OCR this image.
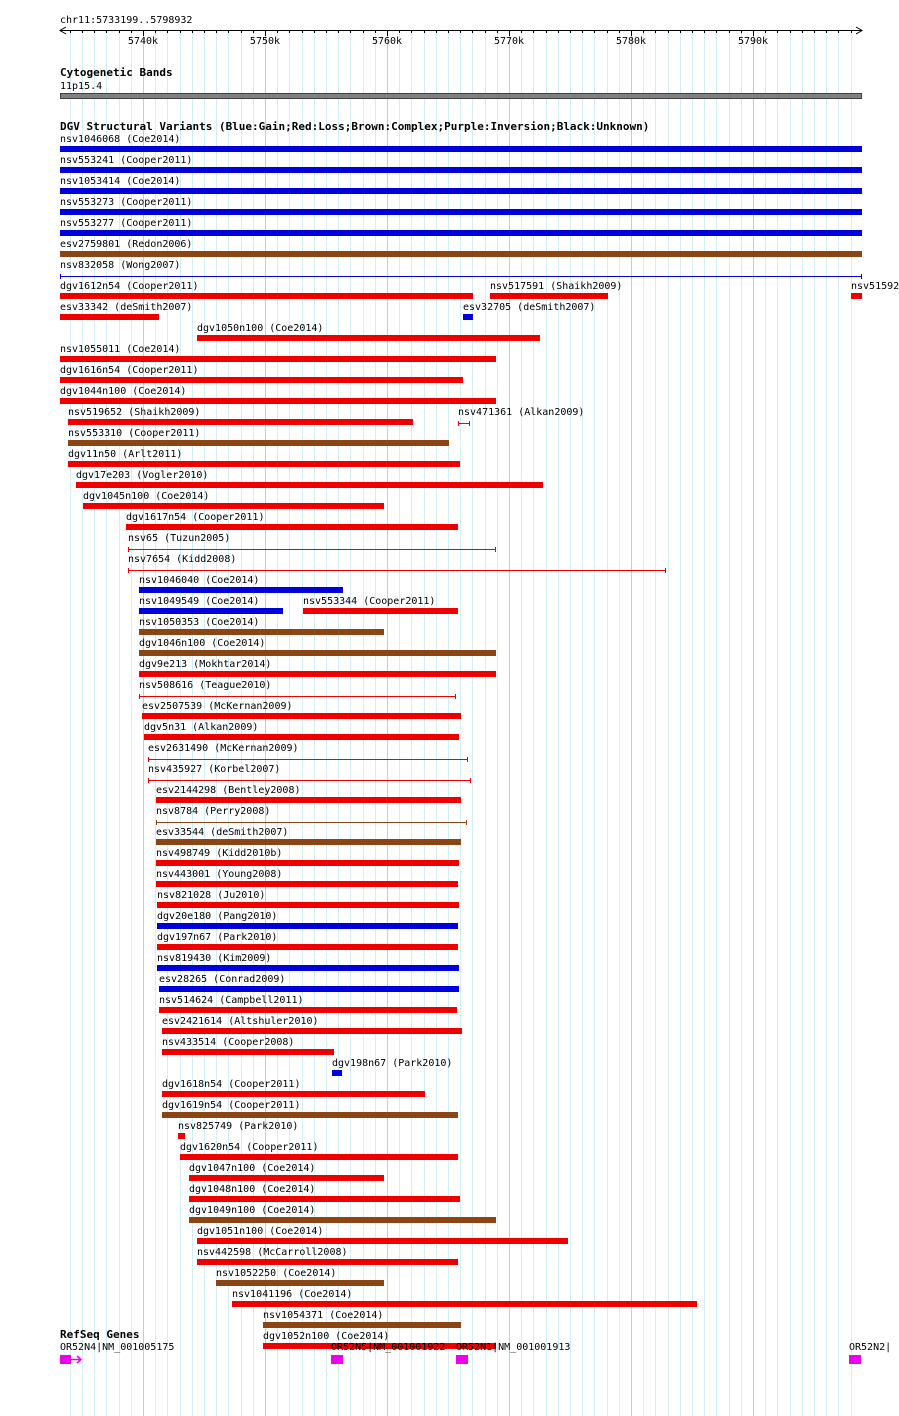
chr11:5733199..5798932
5740k	5750k	5760k	5770k	5780k	5790k
Cytogenetic Bands
11p15.4
DGV Structural Variants (Blue:Gain;Red:Loss;Brown:Complex;Purple:Inversion;Black:Unknown)
nsv1046068 (Coe2014)
nsv553241 (Cooper2011)
nsv1053414 (Coe2014)
nsv553273 (Cooper2011)
nsv553277 (Cooper2011)
esv2759801 (Redon2006)
nsv832058 (Wong2007)
dgv1612n54 (Cooper2011)	nsv517591 (Shaikh2009)	nsv51592
esv33342 (deSmith2007)
dgv1050n100 (Coe2014)
nsv1055011 (Coe2014)
dgv1616n54 (Cooper2011)
esv32705 (deSmith2007)
dgv1044n100 (Coe2014)
nsv519652 (Shaikh2009)	nsv471361 (Alkan2009)
nsv553310 (Cooper2011)
dgv11n50 (Arlt2011)
dgv17e203 (Vogler2010)
dgv1045n100 (Coe2014)
dgv1617n54 (Cooper2011)
nsv65 (Tuzun2005)
nsv7654 (Kidd2008)
nsv1046040 (Coe2014)
nsv1049549 (Coe2014)	nsv553344 (Cooper2011)
nsv1050353 (Coe2014)
dgv1046n100 (Coe2014)
dgv9e213 (Mokhtar2014)
nsv508616 (Teague2010)
esv2507539 (McKernan2009)
dgv5n31 (Alkan2009)
esv2631490 (McKernan2009)
nsv435927 (Korbel2007)
esv2144298 (Bentley2008)
nsv8784 (Perry2008)
esv33544 (deSmith2007)
nsv498749 (Kidd2010b)
nsv443001 (Young2008)
nsv821028 (Ju2010)
dgv20e180 (Pang2010)
dgv197n67 (Park2010)
nsv819430 (Kim2009)
esv28265 (Conrad2009)
nsv514624 (Campbell2011)
esv2421614 (Altshuler2010)
nsv433514 (Cooper2008)
dgv198n67 (Park2010)
dgv1618n54 (Cooper2011)
dgv1619n54 (Cooper2011)
nsv825749 (Park2010)
dgv1620n54 (Cooper2011)
dgv1047n100 (Coe2014)
dgv1048n100 (Coe2014)
dgv1049n100 (Coe2014)
dgv1051n100 (Coe2014)
nsv442598 (McCarroll2008)
nsv1052250 (Coe2014)
nsv1041196 (Coe2014)
nsv1054371 (Coe2014)
dgv1052n100 (Coe2014)
RefSeq Genes
OR52N4|NM_001005175	OR52N5|NM_001001922 OR52N1|NM_001001913	OR52N2|
